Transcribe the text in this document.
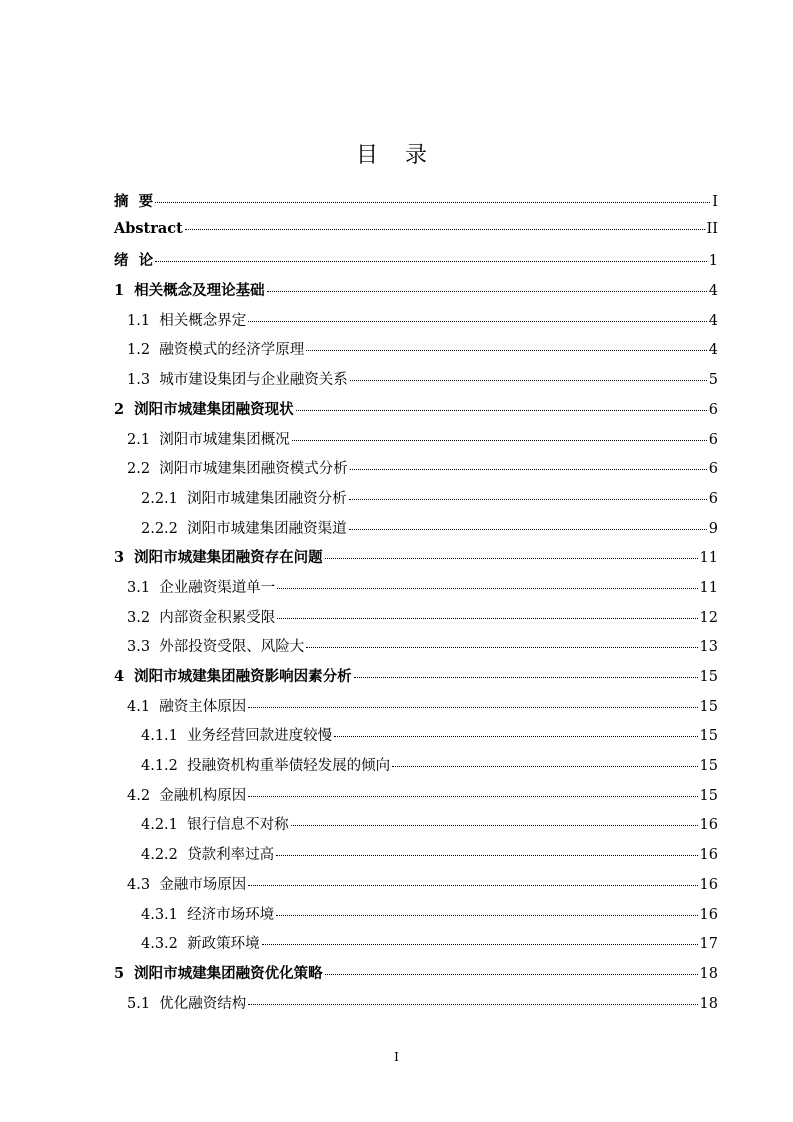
目 录
摘  要	I
Abstract	II
绪  论	1
1  相关概念及理论基础	4
1.1  相关概念界定	4
1.2  融资模式的经济学原理	4
1.3  城市建设集团与企业融资关系	5
2  浏阳市城建集团融资现状	6
2.1  浏阳市城建集团概况	6
2.2  浏阳市城建集团融资模式分析	6
2.2.1  浏阳市城建集团融资分析	6
2.2.2  浏阳市城建集团融资渠道	9
3  浏阳市城建集团融资存在问题	11
3.1  企业融资渠道单一	11
3.2  内部资金积累受限	12
3.3  外部投资受限、风险大	13
4  浏阳市城建集团融资影响因素分析	15
4.1  融资主体原因	15
4.1.1  业务经营回款进度较慢	15
4.1.2  投融资机构重举债轻发展的倾向	15
4.2  金融机构原因	15
4.2.1  银行信息不对称	16
4.2.2  贷款利率过高	16
4.3  金融市场原因	16
4.3.1  经济市场环境	16
4.3.2  新政策环境	17
5  浏阳市城建集团融资优化策略	18
5.1  优化融资结构	18
I
